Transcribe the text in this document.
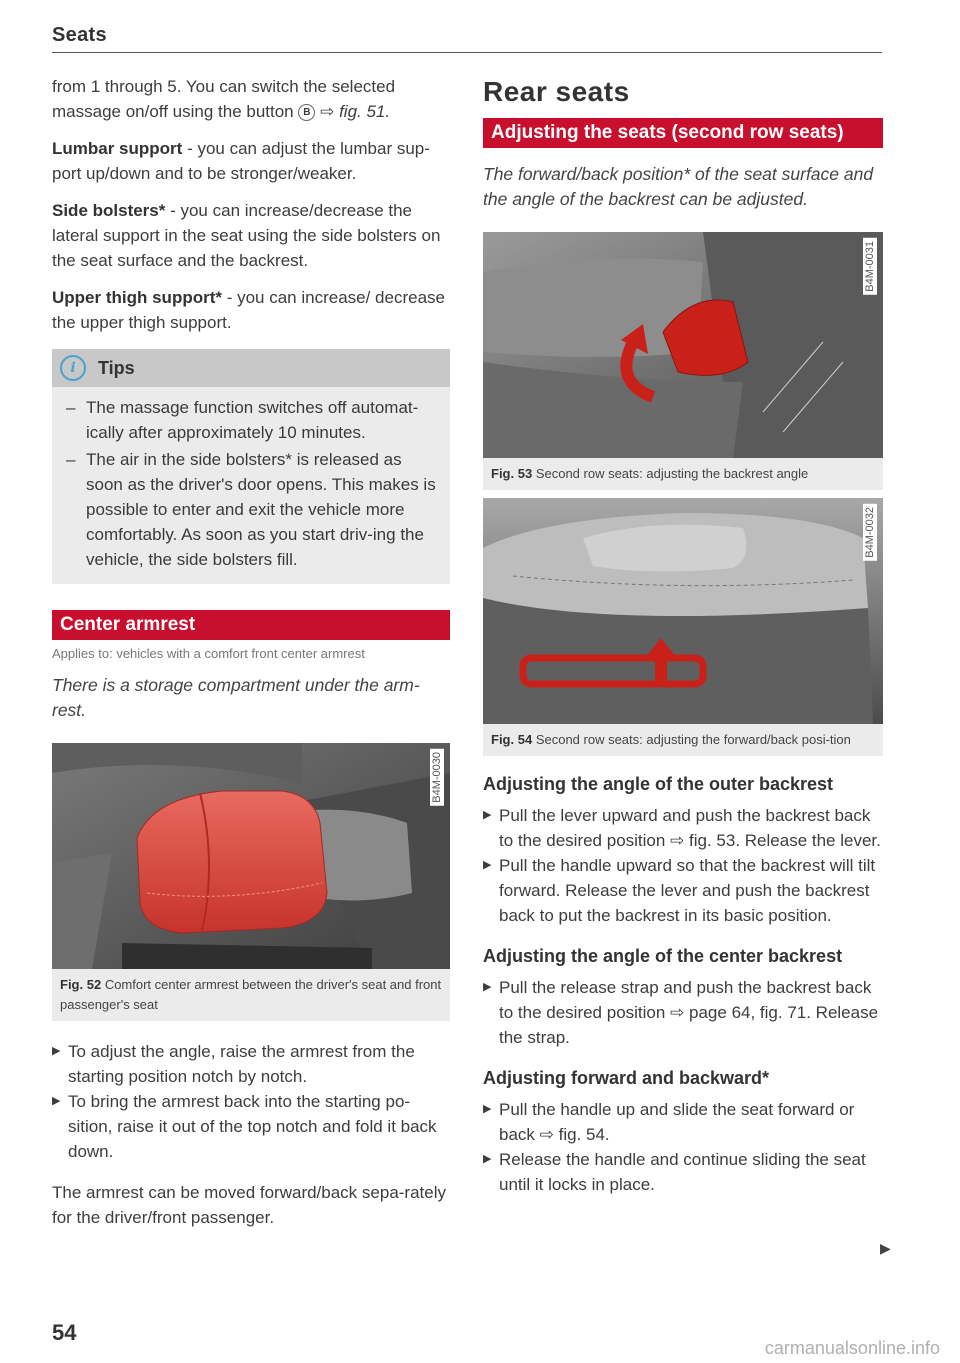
Seats

from 1 through 5. You can switch the selected

massage on/off using the button B ⇨ fig. 51.

Lumbar support - you can adjust the lumbar sup-port up/down and to be stronger/weaker.

Side bolsters* - you can increase/decrease the lateral support in the seat using the side bolsters on the seat surface and the backrest.

Upper thigh support* - you can increase/ decrease the upper thigh support.

i	Tips
– The massage function switches off automat-ically after approximately 10 minutes.
– The air in the side bolsters* is released as soon as the driver's door opens. This makes is possible to enter and exit the vehicle more comfortably. As soon as you start driv-ing the vehicle, the side bolsters fill.
Center armrest
Applies to: vehicles with a comfort front center armrest
There is a storage compartment under the arm-rest.
B4M-0030
Fig. 52 Comfort center armrest between the driver's seat and front passenger's seat
▶ To adjust the angle, raise the armrest from the starting position notch by notch.
▶ To bring the armrest back into the starting po-sition, raise it out of the top notch and fold it back down.

The armrest can be moved forward/back sepa-rately for the driver/front passenger.

Rear seats
Adjusting the seats (second row seats)
The forward/back position* of the seat surface and the angle of the backrest can be adjusted.
B4M-0031
Fig. 53 Second row seats: adjusting the backrest angle
B4M-0032
Fig. 54 Second row seats: adjusting the forward/back posi-tion
Adjusting the angle of the outer backrest
▶ Pull the lever upward and push the backrest back to the desired position ⇨ fig. 53. Release the lever.
▶ Pull the handle upward so that the backrest will tilt forward. Release the lever and push the backrest back to put the backrest in its basic position.
Adjusting the angle of the center backrest
▶ Pull the release strap and push the backrest back to the desired position ⇨ page 64, fig. 71. Release the strap.
Adjusting forward and backward*
▶ Pull the handle up and slide the seat forward or back ⇨ fig. 54.
▶ Release the handle and continue sliding the seat until it locks in place.
▶
54
carmanualsonline.info
